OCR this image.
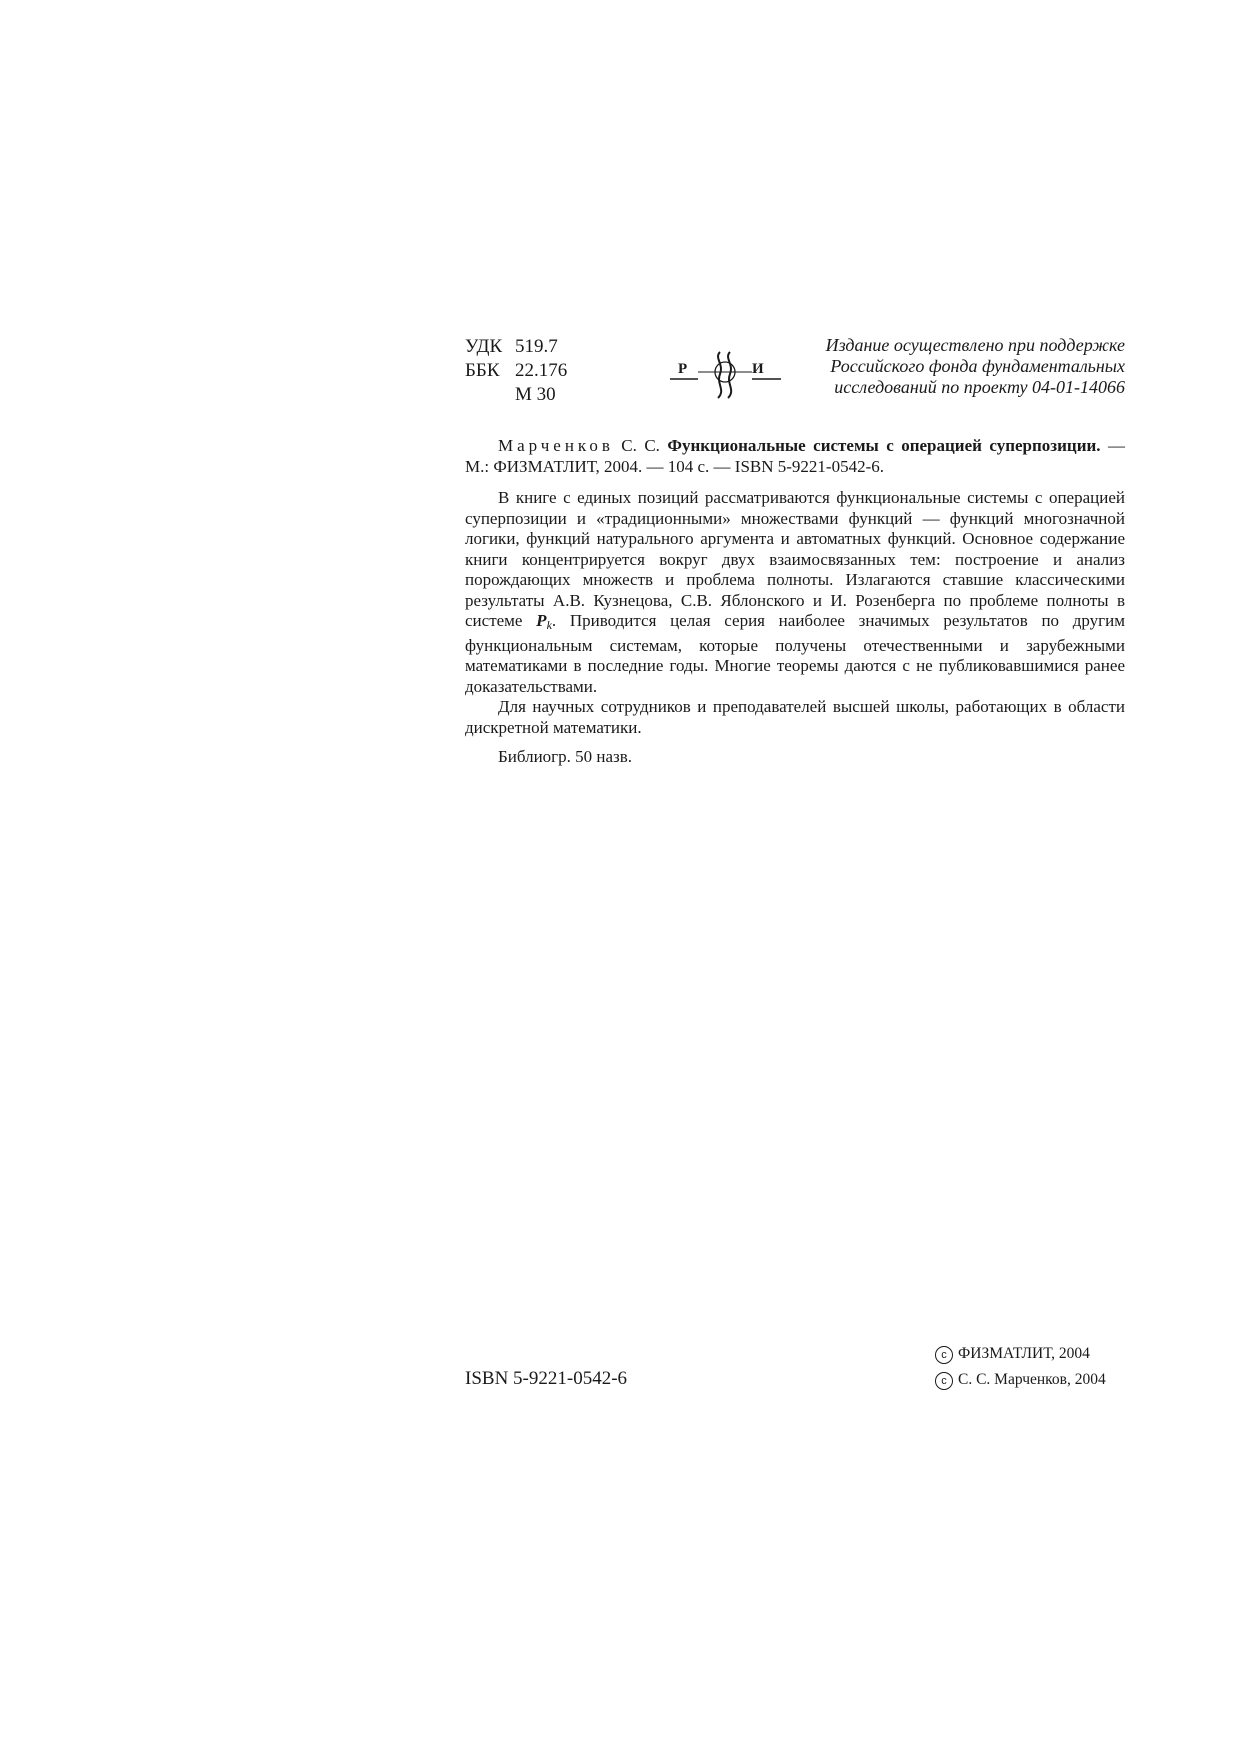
УДК 519.7
ББК 22.176
М 30
Р	И
Издание осуществлено при поддержке
Российского фонда фундаментальных
исследований по проекту 04-01-14066

Марченков С. С. Функциональные системы с операцией суперпозиции. — М.: ФИЗМАТЛИТ, 2004. — 104 с. — ISBN 5-9221-0542-6.

В книге с единых позиций рассматриваются функциональные системы с операцией суперпозиции и «традиционными» множествами функций — функций многозначной логики, функций натурального аргумента и автоматных функций. Основное содержание книги концентрируется вокруг двух взаимосвязанных тем: построение и анализ порождающих множеств и проблема полноты. Излагаются ставшие классическими результаты А.В. Кузнецова, С.В. Яблонского и И. Розенберга по проблеме полноты в системе Pk. Приводится целая серия наиболее значимых результатов по другим функциональным системам, которые получены отечественными и зарубежными математиками в последние годы. Многие теоремы даются с не публиковавшимися ранее доказательствами.

Для научных сотрудников и преподавателей высшей школы, работающих в области дискретной математики.

Библиогр. 50 назв.

ISBN 5-9221-0542-6
c ФИЗМАТЛИТ, 2004
c С. С. Марченков, 2004
